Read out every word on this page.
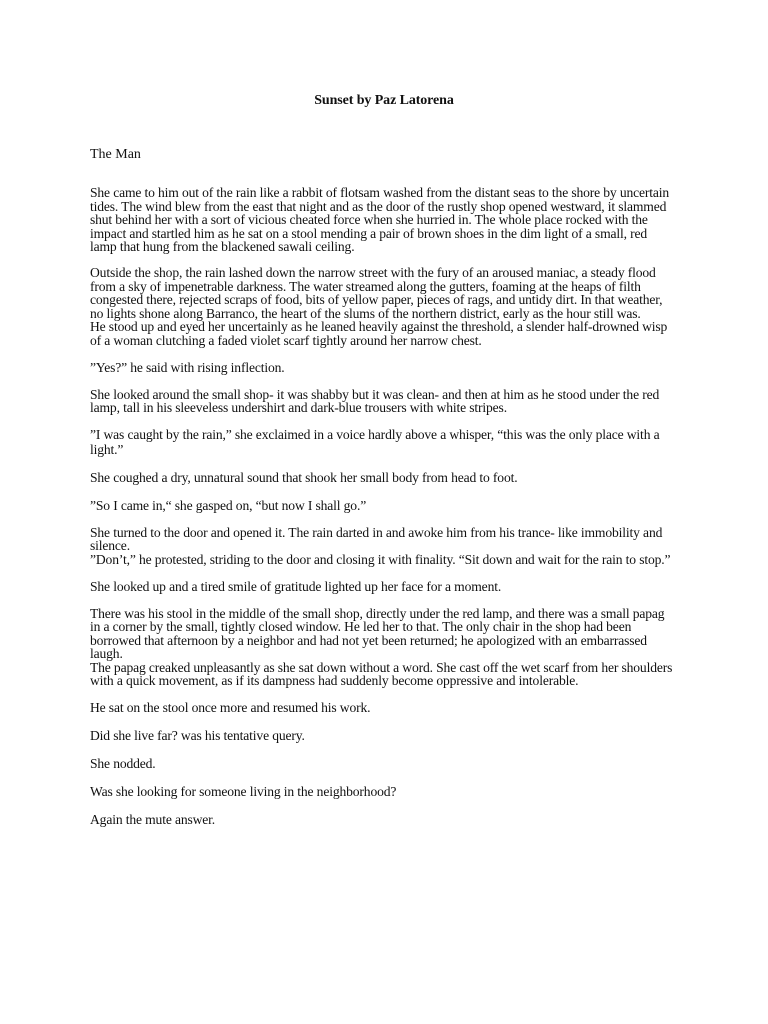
Sunset by Paz Latorena
The Man

She came to him out of the rain like a rabbit of flotsam washed from the distant seas to the shore by uncertain tides. The wind blew from the east that night and as the door of the rustly shop opened westward, it slammed shut behind her with a sort of vicious cheated force when she hurried in. The whole place rocked with the impact and startled him as he sat on a stool mending a pair of brown shoes in the dim light of a small, red lamp that hung from the blackened sawali ceiling.

Outside the shop, the rain lashed down the narrow street with the fury of an aroused maniac, a steady flood from a sky of impenetrable darkness. The water streamed along the gutters, foaming at the heaps of filth congested there, rejected scraps of food, bits of yellow paper, pieces of rags, and untidy dirt. In that weather, no lights shone along Barranco, the heart of the slums of the northern district, early as the hour still was.

He stood up and eyed her uncertainly as he leaned heavily against the threshold, a slender half-drowned wisp of a woman clutching a faded violet scarf tightly around her narrow chest.

”Yes?” he said with rising inflection.

She looked around the small shop- it was shabby but it was clean- and then at him as he stood under the red lamp, tall in his sleeveless undershirt and dark-blue trousers with white stripes.

”I was caught by the rain,” she exclaimed in a voice hardly above a whisper, “this was the only place with a light.”

She coughed a dry, unnatural sound that shook her small body from head to foot.

”So I came in,“ she gasped on, “but now I shall go.”

She turned to the door and opened it. The rain darted in and awoke him from his trance- like immobility and silence.

”Don’t,” he protested, striding to the door and closing it with finality. “Sit down and wait for the rain to stop.”

She looked up and a tired smile of gratitude lighted up her face for a moment.

There was his stool in the middle of the small shop, directly under the red lamp, and there was a small papag in a corner by the small, tightly closed window. He led her to that. The only chair in the shop had been borrowed that afternoon by a neighbor and had not yet been returned; he apologized with an embarrassed laugh.

The papag creaked unpleasantly as she sat down without a word. She cast off the wet scarf from her shoulders with a quick movement, as if its dampness had suddenly become oppressive and intolerable.

He sat on the stool once more and resumed his work.

Did she live far? was his tentative query.

She nodded.

Was she looking for someone living in the neighborhood?

Again the mute answer.
